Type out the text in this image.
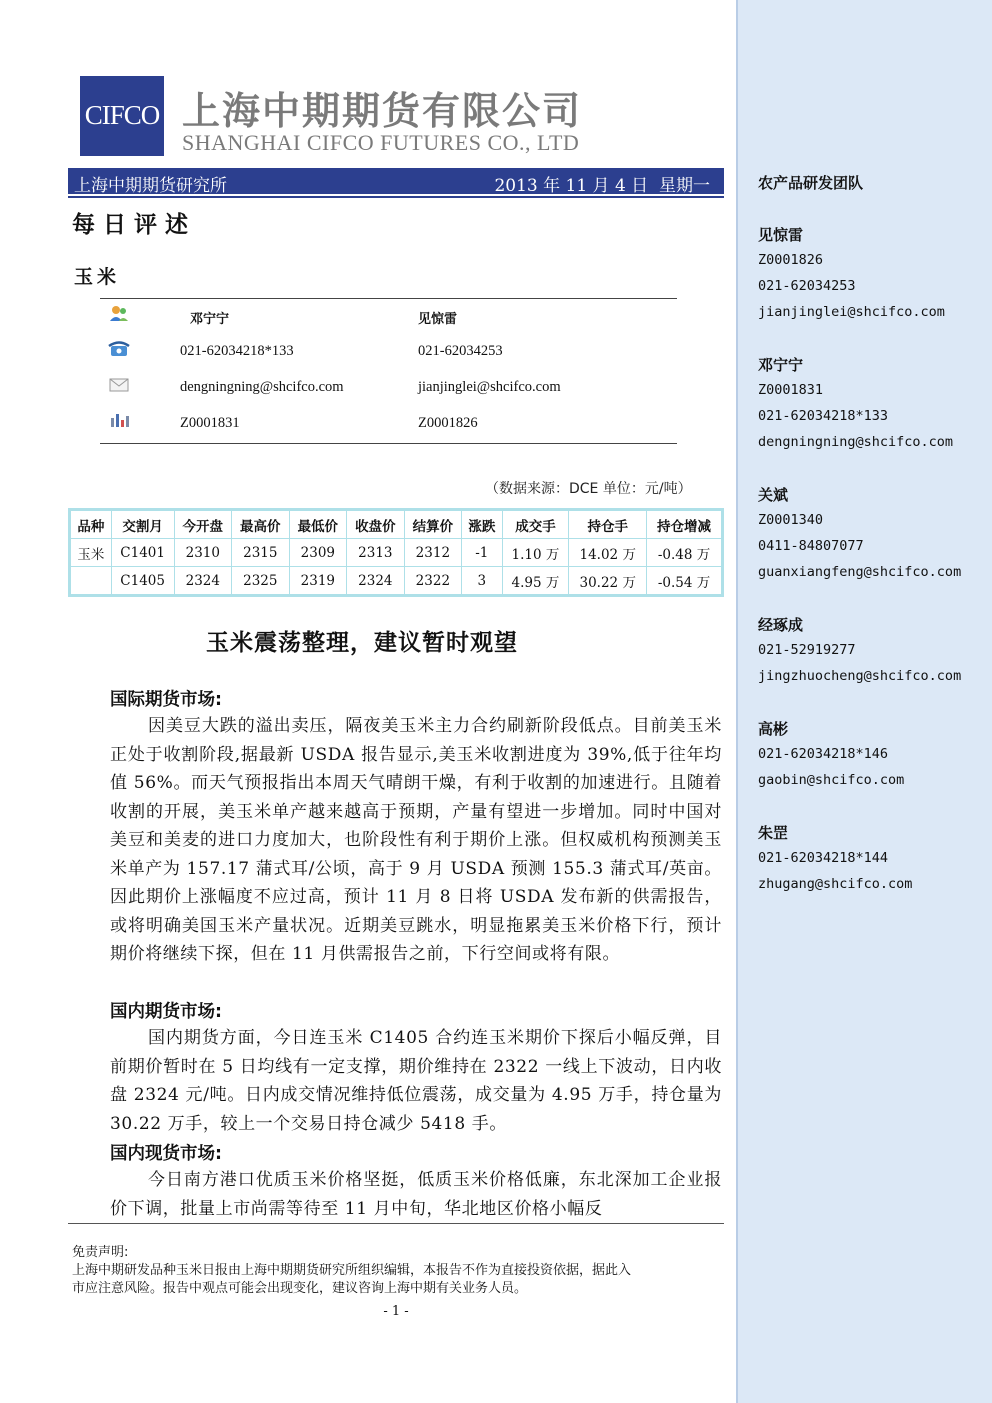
CIFCO 上海中期期货有限公司
SHANGHAI CIFCO FUTURES CO., LTD
上海中期期货研究所	2013 年 11 月 4 日 星期一
每日评述
玉米
邓宁宁	见惊雷
021-62034218*133	021-62034253
dengningning@shcifco.com	jianjinglei@shcifco.com
Z0001831	Z0001826
（数据来源：DCE 单位：元/吨）
品种	交割月	今开盘	最高价	最低价	收盘价	结算价	涨跌	成交手	持仓手	持仓增减
玉米	C1401	2310	2315	2309	2313	2312	-1	1.10 万	14.02 万	-0.48 万
	C1405	2324	2325	2319	2324	2322	3	4.95 万	30.22 万	-0.54 万
玉米震荡整理，建议暂时观望
国际期货市场:
因美豆大跌的溢出卖压，隔夜美玉米主力合约刷新阶段低点。目前美玉米正处于收割阶段,据最新 USDA 报告显示,美玉米收割进度为 39%,低于往年均值 56%。而天气预报指出本周天气晴朗干燥，有利于收割的加速进行。且随着收割的开展，美玉米单产越来越高于预期，产量有望进一步增加。同时中国对美豆和美麦的进口力度加大，也阶段性有利于期价上涨。但权威机构预测美玉米单产为 157.17 蒲式耳/公顷，高于 9 月 USDA 预测 155.3 蒲式耳/英亩。因此期价上涨幅度不应过高，预计 11 月 8 日将 USDA 发布新的供需报告，或将明确美国玉米产量状况。近期美豆跳水，明显拖累美玉米价格下行，预计期价将继续下探，但在 11 月供需报告之前，下行空间或将有限。
国内期货市场:
国内期货方面，今日连玉米 C1405 合约连玉米期价下探后小幅反弹，目前期价暂时在 5 日均线有一定支撑，期价维持在 2322 一线上下波动，日内收盘 2324 元/吨。日内成交情况维持低位震荡，成交量为 4.95 万手，持仓量为 30.22 万手，较上一个交易日持仓减少 5418 手。
国内现货市场:
今日南方港口优质玉米价格坚挺，低质玉米价格低廉，东北深加工企业报价下调，批量上市尚需等待至 11 月中旬，华北地区价格小幅反
免责声明:
上海中期研发品种玉米日报由上海中期期货研究所组织编辑，本报告不作为直接投资依据，据此入
市应注意风险。报告中观点可能会出现变化，建议咨询上海中期有关业务人员。
- 1 -
农产品研发团队
见惊雷
Z0001826
021-62034253
jianjinglei@shcifco.com
邓宁宁
Z0001831
021-62034218*133
dengningning@shcifco.com
关斌
Z0001340
0411-84807077
guanxiangfeng@shcifco.com
经琢成
021-52919277
jingzhuocheng@shcifco.com
高彬
021-62034218*146
gaobin@shcifco.com
朱罡
021-62034218*144
zhugang@shcifco.com
